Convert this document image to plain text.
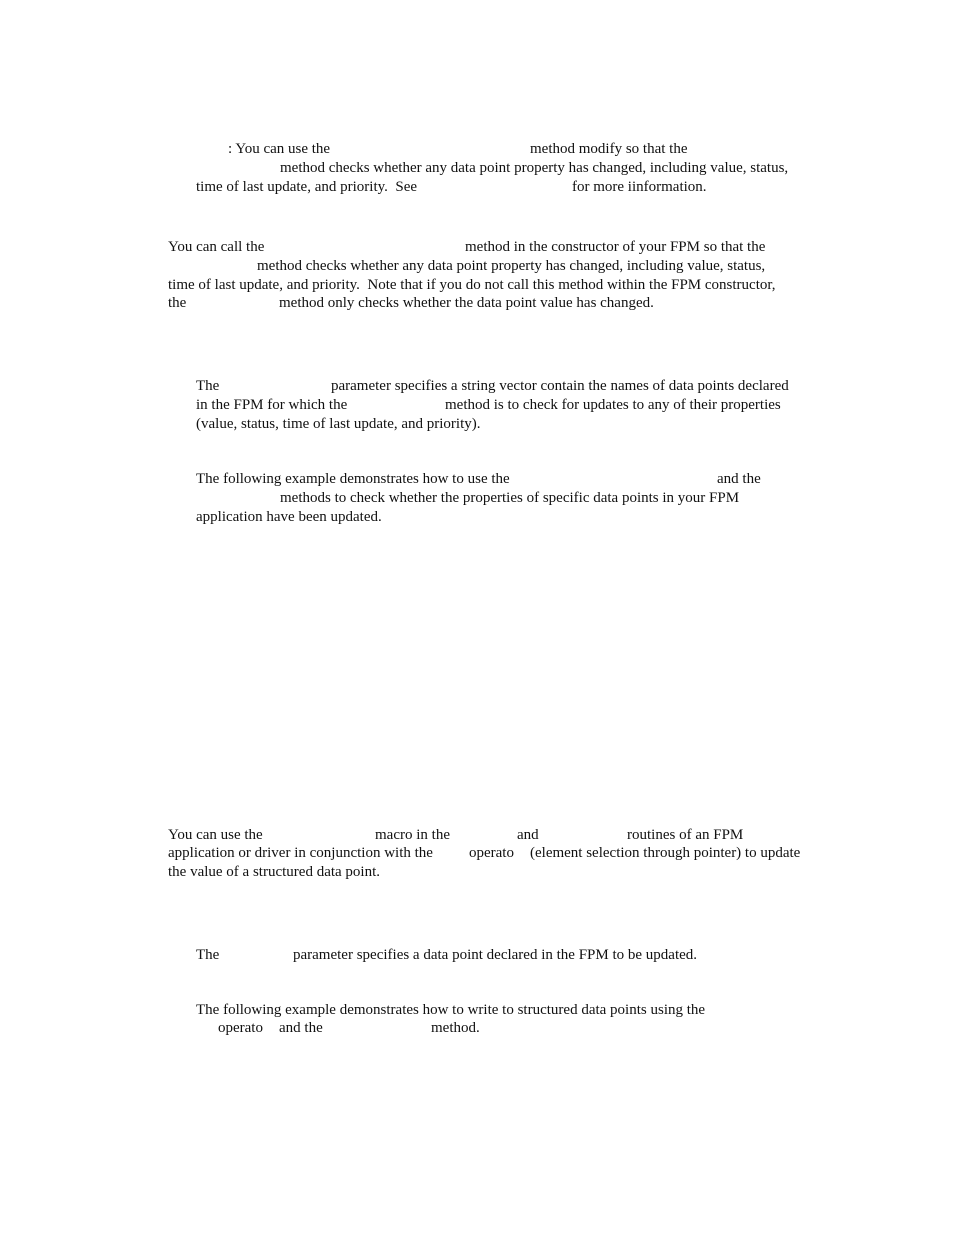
: You can use the	method modify so that the
method checks whether any data point property has changed, including value, status,
time of last update, and priority.  See	for more iinformation.
You can call the	method in the constructor of your FPM so that the
method checks whether any data point property has changed, including value, status,
time of last update, and priority.  Note that if you do not call this method within the FPM constructor,
the	method only checks whether the data point value has changed.
The	parameter specifies a string vector contain the names of data points declared
in the FPM for which the	method is to check for updates to any of their properties
(value, status, time of last update, and priority).
The following example demonstrates how to use the	and the
methods to check whether the properties of specific data points in your FPM
application have been updated.
You can use the	macro in the	and	routines of an FPM
application or driver in conjunction with the operato (element selection through pointer) to update
the value of a structured data point.
The	parameter specifies a data point declared in the FPM to be updated.
The following example demonstrates how to write to structured data points using the
operato and the	method.
